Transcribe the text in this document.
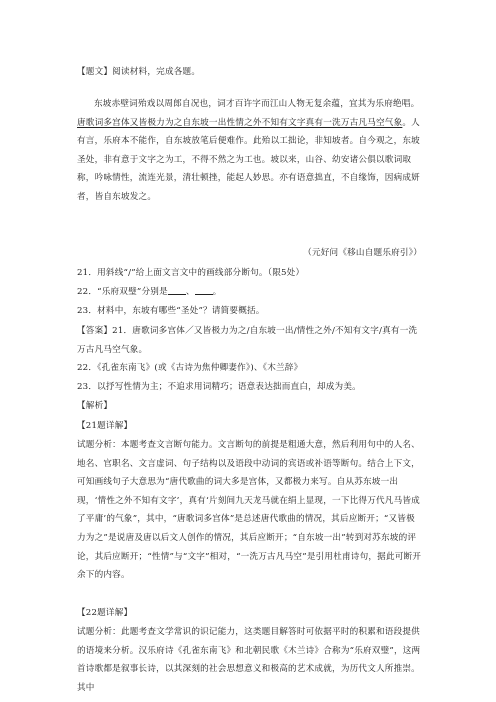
【题文】阅读材料，完成各题。

东坡赤壁词殆戏以周郎自况也，词才百许字而江山人物无复余蕴，宜其为乐府绝唱。唐歌词多宫体又皆极力为之自东坡一出性情之外不知有文字真有一洗万古凡马空气象。人有言，乐府本不能作，自东坡放笔后便难作。此殆以工拙论，非知坡者。自今观之，东坡圣处，非有意于文字之为工，不得不然之为工也。坡以来，山谷、幼安诸公俱以歌词取称，吟咏情性，流连光景，清壮顿挫，能起人妙思。亦有语意拙直，不自缘饰，因病成妍者，皆自东坡发之。

（元好问《移山自题乐府引》）

21．用斜线“/”给上面文言文中的画线部分断句。（限5处）

22．“乐府双璧”分别是 、 。

23．材料中，东坡有哪些“圣处”？请简要概括。

【答案】21．唐歌词多宫体／又皆极力为之/自东坡一出/情性之外/不知有文字/真有一洗万古凡马空气象。

22．《孔雀东南飞》(或《古诗为焦仲卿妻作》)、《木兰辞》

23．以抒写性情为主；不追求用词精巧；语意表达拙而直白，却成为美。

【解析】

【21题详解】

试题分析：本题考查文言断句能力。文言断句的前提是粗通大意，然后利用句中的人名、地名、官职名、文言虚词、句子结构以及语段中动词的宾语或补语等断句。结合上下文，可知画线句子大意思为“唐代歌曲的词大多是宫体，又都极力来写。自从苏东坡一出现，‘情性之外不知有文字’，真有‘片刻间九天龙马就在绢上显现，一下比得万代凡马皆成了平庸’的气象”，其中，“唐歌词多宫体”是总述唐代歌曲的情况，其后应断开；“又皆极力为之”是说唐及唐以后文人创作的情况，其后应断开；“自东坡一出”转到对苏东坡的评论，其后应断开；“性情”与“文字”相对，“一洗万古凡马空”是引用杜甫诗句，据此可断开余下的内容。

【22题详解】

试题分析：此题考查文学常识的识记能力，这类题目解答时可依据平时的积累和语段提供的语境来分析。汉乐府诗《孔雀东南飞》和北朝民歌《木兰诗》合称为“乐府双璧”，这两首诗歌都是叙事长诗，以其深刻的社会思想意义和极高的艺术成就，为历代文人所推崇。其中
